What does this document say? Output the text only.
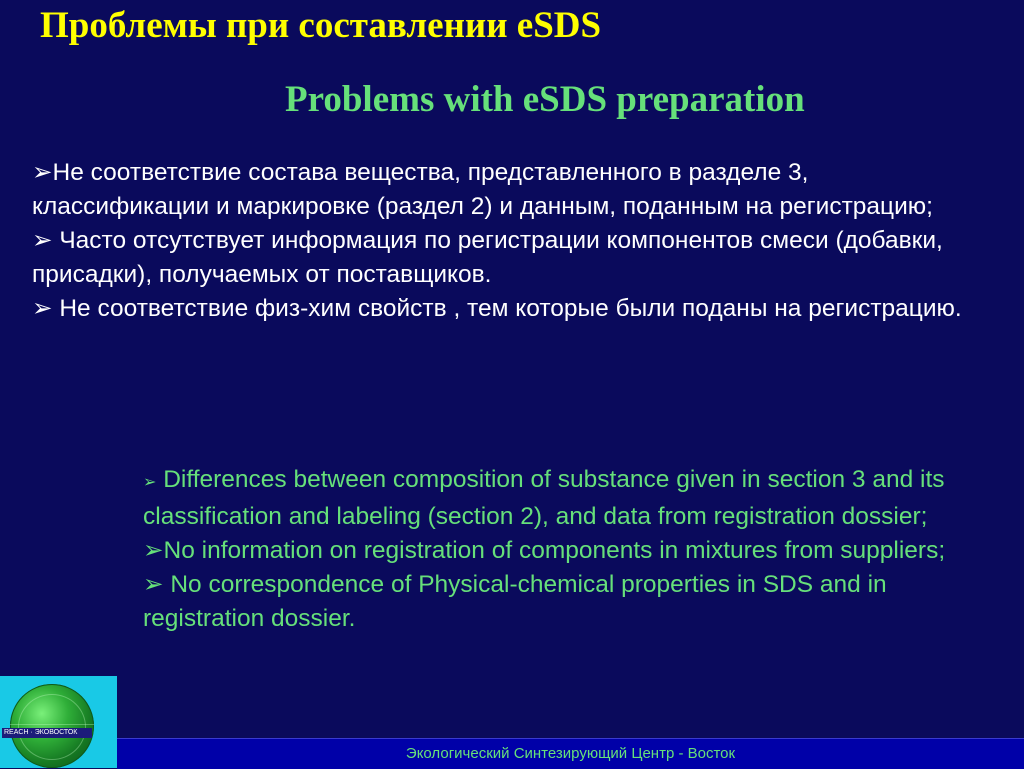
Проблемы при составлении eSDS
Problems with eSDS preparation

➢Не соответствие состава вещества, представленного в разделе 3, классификации и маркировке (раздел 2) и данным, поданным на регистрацию;

➢ Часто отсутствует информация по регистрации компонентов смеси (добавки, присадки), получаемых от поставщиков.

➢ Не соответствие физ-хим свойств , тем которые были поданы на регистрацию.

➢ Differences between composition of substance given in section 3 and its classification and labeling (section 2), and data from registration dossier;

➢No information on registration of components in mixtures from suppliers;

➢ No correspondence of Physical-chemical properties in SDS and in registration dossier.

REACH · ЭКОВОСТОК
Экологический Синтезирующий Центр - Восток
